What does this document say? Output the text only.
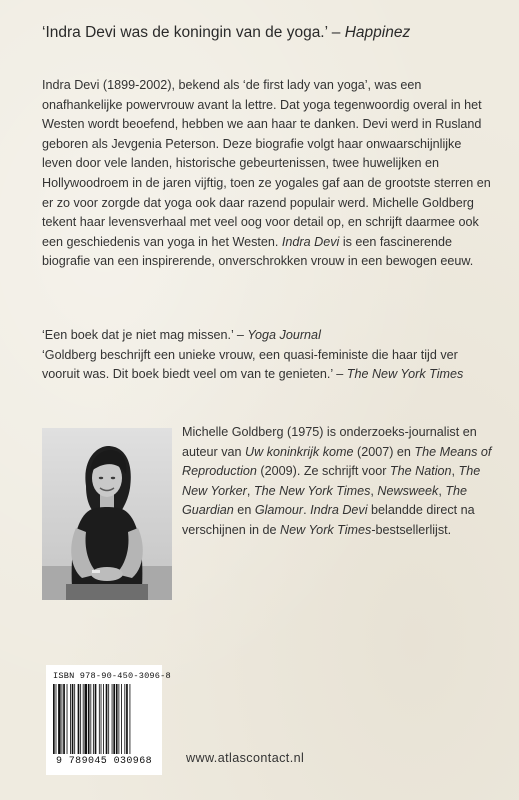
‘Indra Devi was de koningin van de yoga.’ – Happinez
Indra Devi (1899-2002), bekend als ‘de first lady van yoga’, was een onafhankelijke powervrouw avant la lettre. Dat yoga tegenwoordig overal in het Westen wordt beoefend, hebben we aan haar te danken. Devi werd in Rusland geboren als Jevgenia Peterson. Deze biografie volgt haar onwaarschijnlijke leven door vele landen, historische gebeurtenissen, twee huwelijken en Hollywoodroem in de jaren vijftig, toen ze yogales gaf aan de grootste sterren en er zo voor zorgde dat yoga ook daar razend populair werd. Michelle Goldberg tekent haar levensverhaal met veel oog voor detail op, en schrijft daarmee ook een geschiedenis van yoga in het Westen. Indra Devi is een fascinerende biografie van een inspirerende, onverschrokken vrouw in een bewogen eeuw.
‘Een boek dat je niet mag missen.’ – Yoga Journal
‘Goldberg beschrijft een unieke vrouw, een quasi-feministe die haar tijd ver vooruit was. Dit boek biedt veel om van te genieten.’ – The New York Times
Michelle Goldberg (1975) is onderzoeks-journalist en auteur van Uw koninkrijk kome (2007) en The Means of Reproduction (2009). Ze schrijft voor The Nation, The New Yorker, The New York Times, Newsweek, The Guardian en Glamour. Indra Devi belandde direct na verschijnen in de New York Times-bestsellerlijst.
ISBN 978-90-450-3096-8
9 789045 030968	www.atlascontact.nl
